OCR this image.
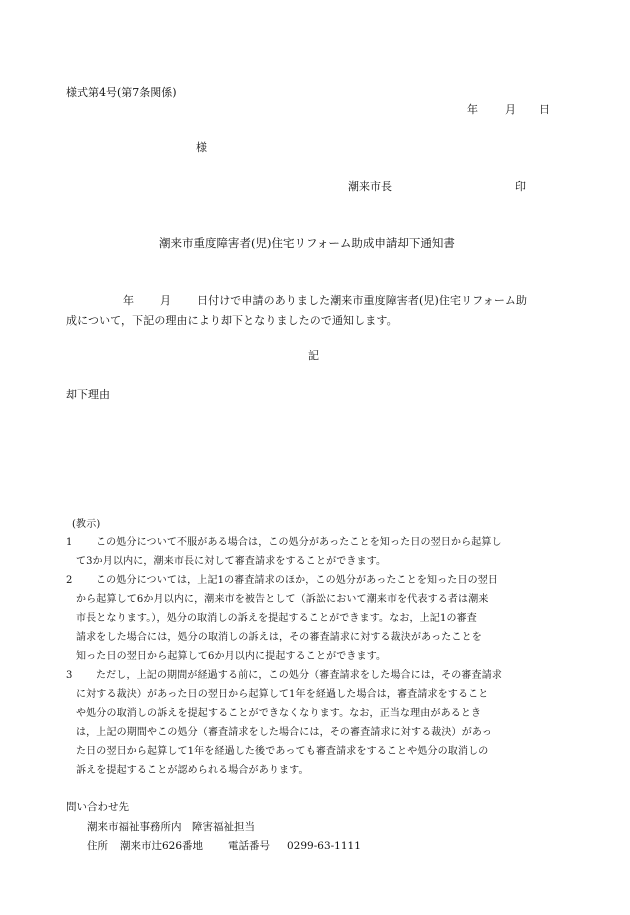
様式第4号(第7条関係)
年 月 日
様
潮来市長	印
潮来市重度障害者(児)住宅リフォーム助成申請却下通知書
年 月 日付けで申請のありました潮来市重度障害者(児)住宅リフォーム助
成について，下記の理由により却下となりましたので通知します。
記
却下理由
(教示)
1 この処分について不服がある場合は，この処分があったことを知った日の翌日から起算し
て3か月以内に，潮来市長に対して審査請求をすることができます。
2 この処分については，上記1の審査請求のほか，この処分があったことを知った日の翌日
から起算して6か月以内に，潮来市を被告として（訴訟において潮来市を代表する者は潮来
市長となります。），処分の取消しの訴えを提起することができます。なお，上記1の審査
請求をした場合には，処分の取消しの訴えは，その審査請求に対する裁決があったことを
知った日の翌日から起算して6か月以内に提起することができます。
3 ただし，上記の期間が経過する前に，この処分（審査請求をした場合には，その審査請求
に対する裁決）があった日の翌日から起算して1年を経過した場合は，審査請求をすること
や処分の取消しの訴えを提起することができなくなります。なお，正当な理由があるとき
は，上記の期間やこの処分（審査請求をした場合には，その審査請求に対する裁決）があっ
た日の翌日から起算して1年を経過した後であっても審査請求をすることや処分の取消しの
訴えを提起することが認められる場合があります。
問い合わせ先
潮来市福祉事務所内　障害福祉担当
住所 潮来市辻626番地 電話番号 0299-63-1111
